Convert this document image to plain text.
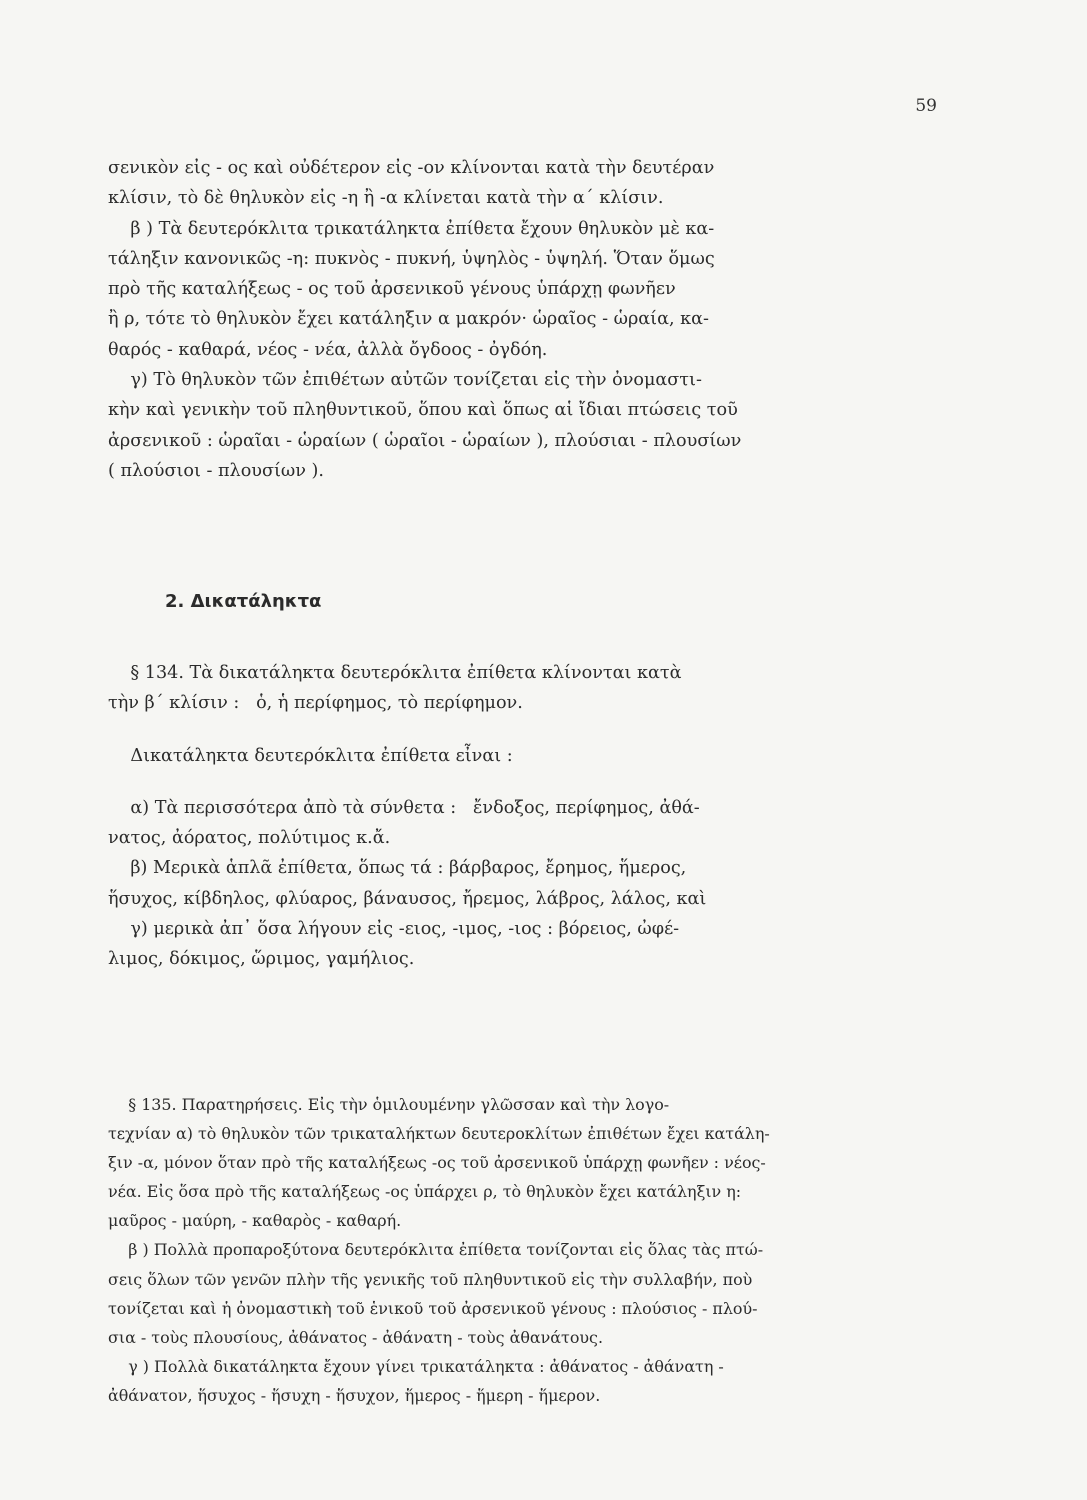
59
σενικὸν εἰς - ος καὶ οὐδέτερον εἰς -ον κλίνονται κατὰ τὴν δευτέραν
κλίσιν, τὸ δὲ θηλυκὸν εἰς -η ἢ -α κλίνεται κατὰ τὴν α΄ κλίσιν.
β ) Τὰ δευτερόκλιτα τρικατάληκτα ἐπίθετα ἔχουν θηλυκὸν μὲ κα-
τάληξιν κανονικῶς -η: πυκνὸς - πυκνή, ὑψηλὸς - ὑψηλή. Ὅταν ὅμως
πρὸ τῆς καταλήξεως - ος τοῦ ἀρσενικοῦ γένους ὑπάρχῃ φωνῆεν
ἢ ρ, τότε τὸ θηλυκὸν ἔχει κατάληξιν α μακρόν· ὡραῖος - ὡραία, κα-
θαρός - καθαρά, νέος - νέα, ἀλλὰ ὄγδοος - ὀγδόη.
γ) Τὸ θηλυκὸν τῶν ἐπιθέτων αὐτῶν τονίζεται εἰς τὴν ὀνομαστι-
κὴν καὶ γενικὴν τοῦ πληθυντικοῦ, ὅπου καὶ ὅπως αἱ ἴδιαι πτώσεις τοῦ
ἀρσενικοῦ : ὡραῖαι - ὡραίων ( ὡραῖοι - ὡραίων ), πλούσιαι - πλουσίων
( πλούσιοι - πλουσίων ).
2. Δικατάληκτα
§ 134. Τὰ δικατάληκτα δευτερόκλιτα ἐπίθετα κλίνονται κατὰ
τὴν β΄ κλίσιν :   ὁ, ἡ περίφημος, τὸ περίφημον.
Δικατάληκτα δευτερόκλιτα ἐπίθετα εἶναι :
α) Τὰ περισσότερα ἀπὸ τὰ σύνθετα :   ἔνδοξος, περίφημος, ἀθά-
νατος, ἀόρατος, πολύτιμος κ.ἄ.
β) Μερικὰ ἁπλᾶ ἐπίθετα, ὅπως τά : βάρβαρος, ἔρημος, ἥμερος,
ἥσυχος, κίβδηλος, φλύαρος, βάναυσος, ἤρεμος, λάβρος, λάλος, καὶ
γ) μερικὰ ἀπ᾿ ὅσα λήγουν εἰς -ειος, -ιμος, -ιος : βόρειος, ὠφέ-
λιμος, δόκιμος, ὥριμος, γαμήλιος.
§ 135. Παρατηρήσεις. Εἰς τὴν ὁμιλουμένην γλῶσσαν καὶ τὴν λογο-
τεχνίαν α) τὸ θηλυκὸν τῶν τρικαταλήκτων δευτεροκλίτων ἐπιθέτων ἔχει κατάλη-
ξιν -α, μόνον ὅταν πρὸ τῆς καταλήξεως -ος τοῦ ἀρσενικοῦ ὑπάρχῃ φωνῆεν : νέος-
νέα. Εἰς ὅσα πρὸ τῆς καταλήξεως -ος ὑπάρχει ρ, τὸ θηλυκὸν ἔχει κατάληξιν η:
μαῦρος - μαύρη, - καθαρὸς - καθαρή.
β ) Πολλὰ προπαροξύτονα δευτερόκλιτα ἐπίθετα τονίζονται εἰς ὅλας τὰς πτώ-
σεις ὅλων τῶν γενῶν πλὴν τῆς γενικῆς τοῦ πληθυντικοῦ εἰς τὴν συλλαβήν, ποὺ
τονίζεται καὶ ἡ ὀνομαστικὴ τοῦ ἑνικοῦ τοῦ ἀρσενικοῦ γένους : πλούσιος - πλού-
σια - τοὺς πλουσίους, ἀθάνατος - ἀθάνατη - τοὺς ἀθανάτους.
γ ) Πολλὰ δικατάληκτα ἔχουν γίνει τρικατάληκτα : ἀθάνατος - ἀθάνατη -
ἀθάνατον, ἥσυχος - ἥσυχη - ἥσυχον, ἥμερος - ἥμερη - ἥμερον.
